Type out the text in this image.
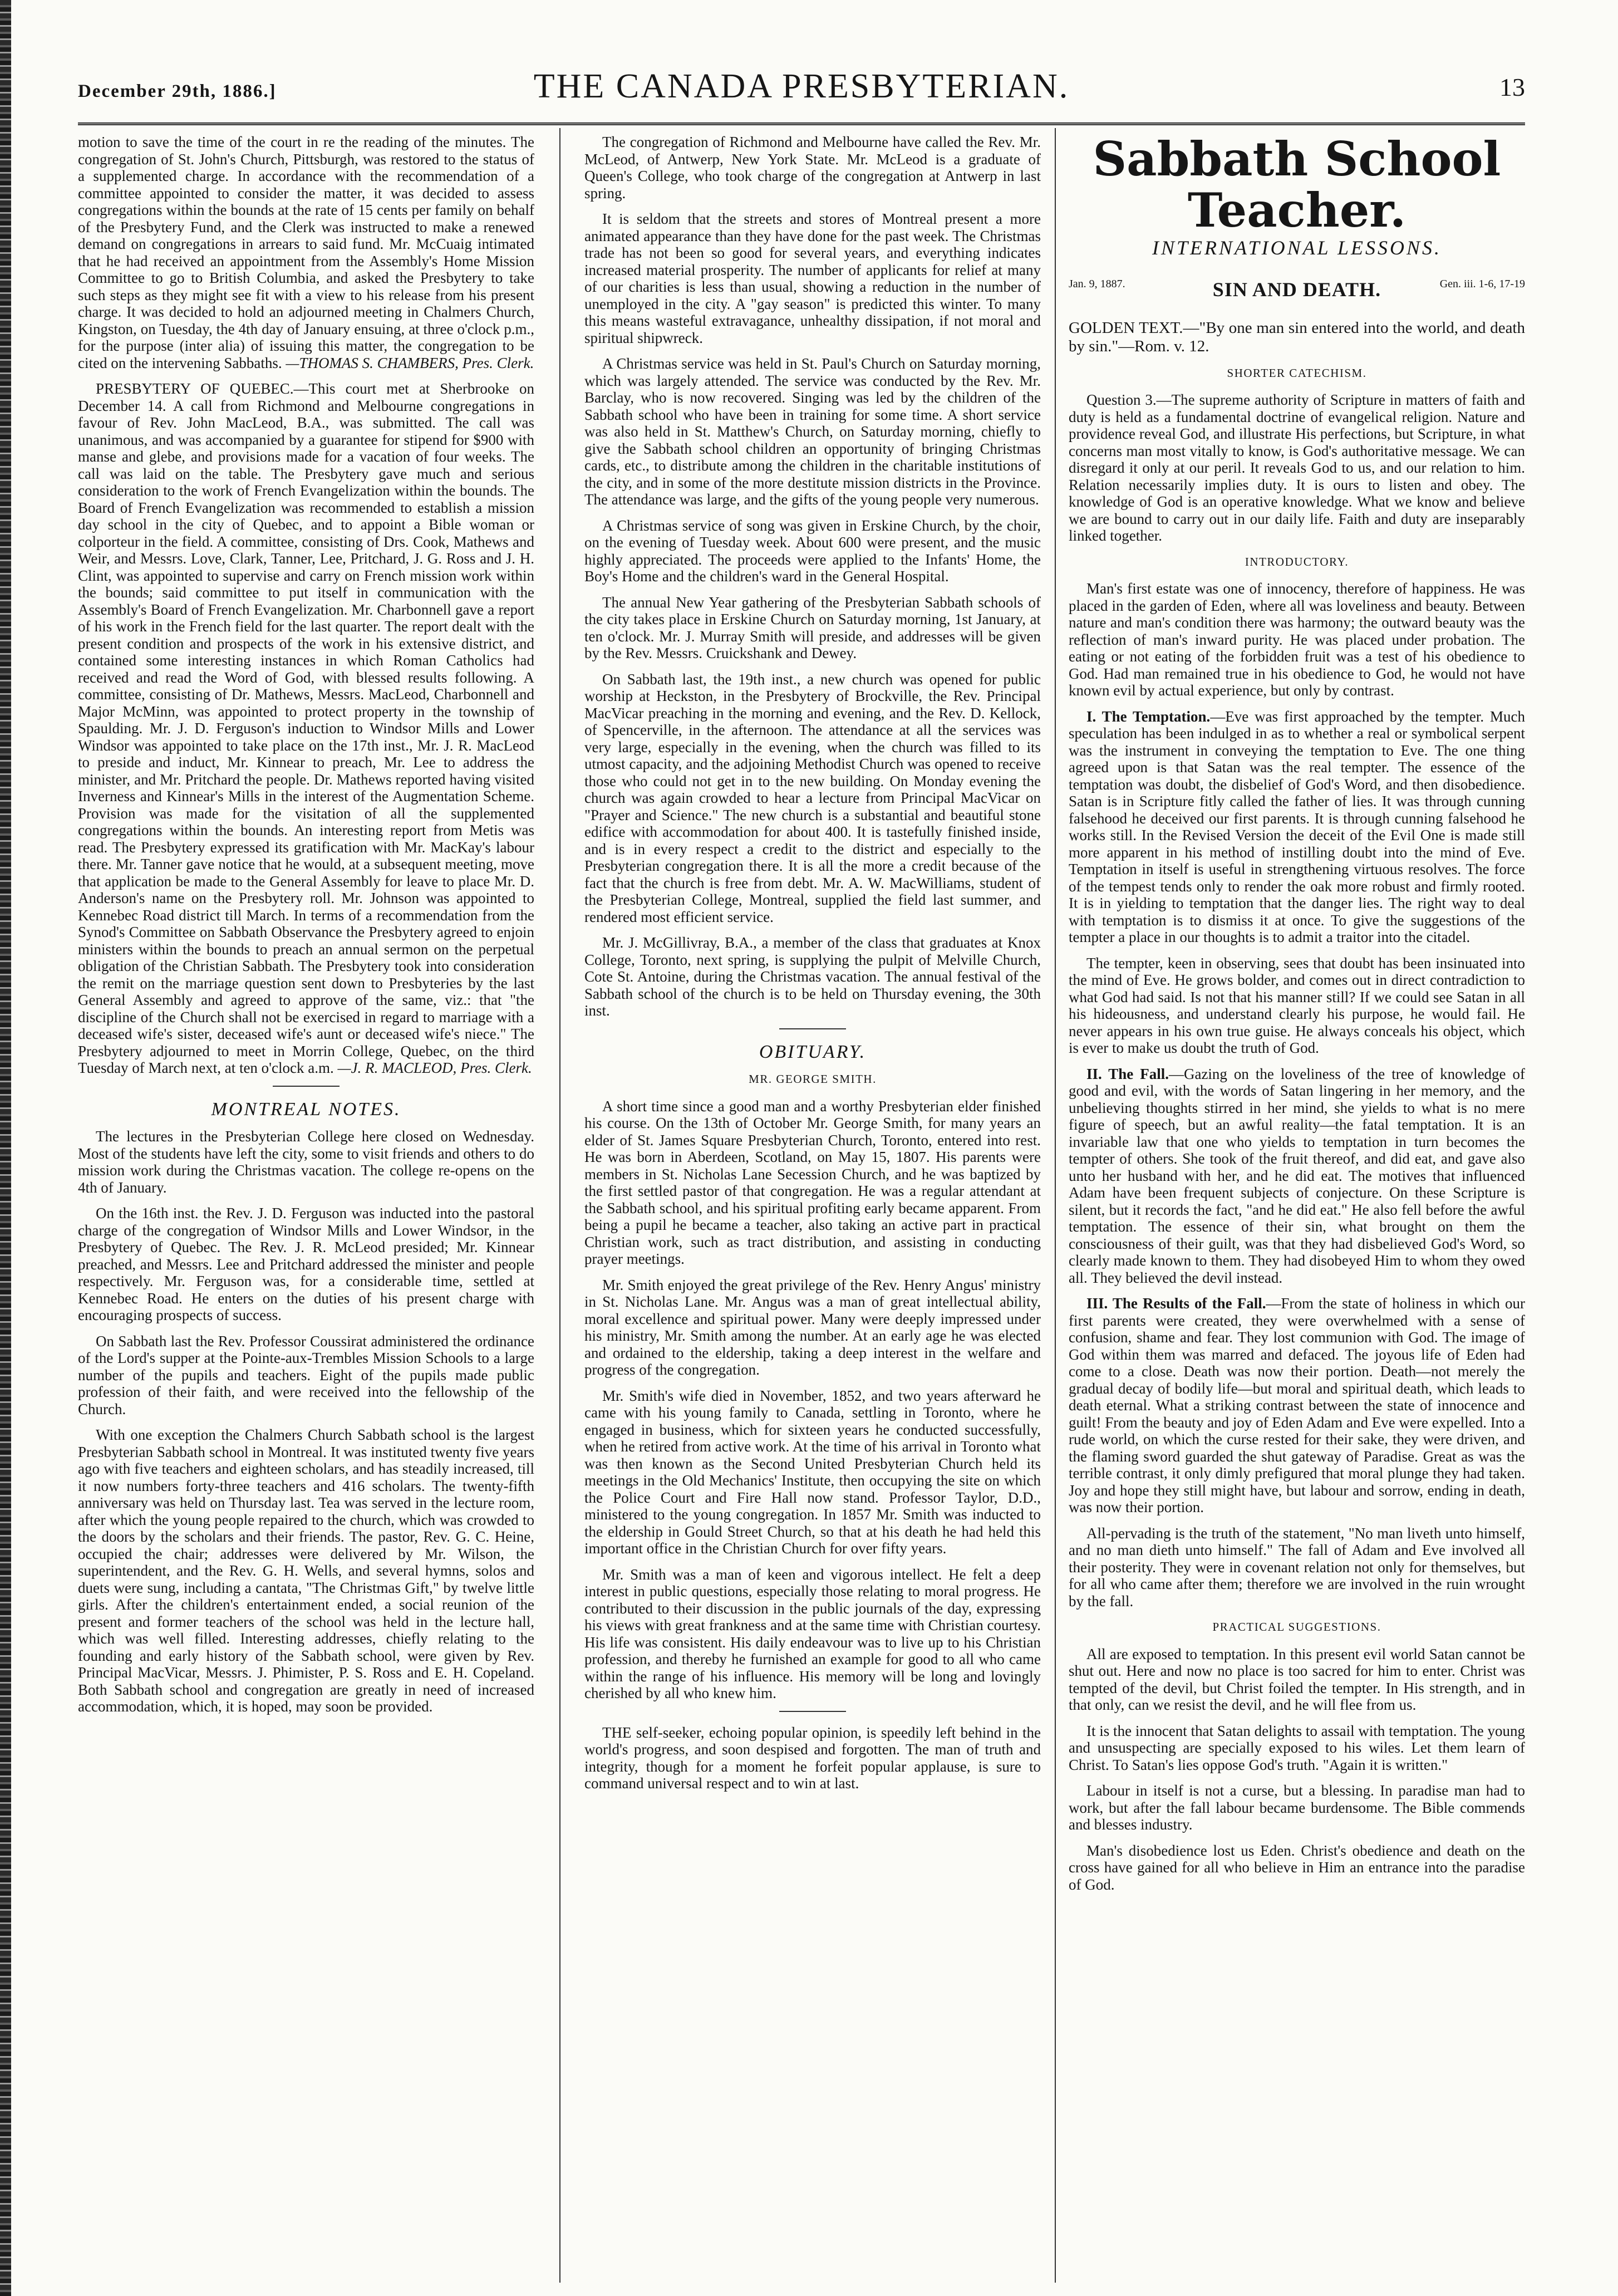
December 29th, 1886.]	THE CANADA PRESBYTERIAN.	13

motion to save the time of the court in re the reading of the minutes. The congregation of St. John's Church, Pittsburgh, was restored to the status of a supplemented charge. In accordance with the recommendation of a committee appointed to consider the matter, it was decided to assess congregations within the bounds at the rate of 15 cents per family on behalf of the Presbytery Fund, and the Clerk was instructed to make a renewed demand on congregations in arrears to said fund. Mr. McCuaig intimated that he had received an appointment from the Assembly's Home Mission Committee to go to British Columbia, and asked the Presbytery to take such steps as they might see fit with a view to his release from his present charge. It was decided to hold an adjourned meeting in Chalmers Church, Kingston, on Tuesday, the 4th day of January ensuing, at three o'clock p.m., for the purpose (inter alia) of issuing this matter, the congregation to be cited on the intervening Sabbaths. —THOMAS S. CHAMBERS, Pres. Clerk.

PRESBYTERY OF QUEBEC.—This court met at Sherbrooke on December 14. A call from Richmond and Melbourne congregations in favour of Rev. John MacLeod, B.A., was submitted. The call was unanimous, and was accompanied by a guarantee for stipend for $900 with manse and glebe, and provisions made for a vacation of four weeks. The call was laid on the table. The Presbytery gave much and serious consideration to the work of French Evangelization within the bounds. The Board of French Evangelization was recommended to establish a mission day school in the city of Quebec, and to appoint a Bible woman or colporteur in the field. A committee, consisting of Drs. Cook, Mathews and Weir, and Messrs. Love, Clark, Tanner, Lee, Pritchard, J. G. Ross and J. H. Clint, was appointed to supervise and carry on French mission work within the bounds; said committee to put itself in communication with the Assembly's Board of French Evangelization. Mr. Charbonnell gave a report of his work in the French field for the last quarter. The report dealt with the present condition and prospects of the work in his extensive district, and contained some interesting instances in which Roman Catholics had received and read the Word of God, with blessed results following. A committee, consisting of Dr. Mathews, Messrs. MacLeod, Charbonnell and Major McMinn, was appointed to protect property in the township of Spaulding. Mr. J. D. Ferguson's induction to Windsor Mills and Lower Windsor was appointed to take place on the 17th inst., Mr. J. R. MacLeod to preside and induct, Mr. Kinnear to preach, Mr. Lee to address the minister, and Mr. Pritchard the people. Dr. Mathews reported having visited Inverness and Kinnear's Mills in the interest of the Augmentation Scheme. Provision was made for the visitation of all the supplemented congregations within the bounds. An interesting report from Metis was read. The Presbytery expressed its gratification with Mr. MacKay's labour there. Mr. Tanner gave notice that he would, at a subsequent meeting, move that application be made to the General Assembly for leave to place Mr. D. Anderson's name on the Presbytery roll. Mr. Johnson was appointed to Kennebec Road district till March. In terms of a recommendation from the Synod's Committee on Sabbath Observance the Presbytery agreed to enjoin ministers within the bounds to preach an annual sermon on the perpetual obligation of the Christian Sabbath. The Presbytery took into consideration the remit on the marriage question sent down to Presbyteries by the last General Assembly and agreed to approve of the same, viz.: that "the discipline of the Church shall not be exercised in regard to marriage with a deceased wife's sister, deceased wife's aunt or deceased wife's niece." The Presbytery adjourned to meet in Morrin College, Quebec, on the third Tuesday of March next, at ten o'clock a.m. —J. R. MACLEOD, Pres. Clerk.

MONTREAL NOTES.

The lectures in the Presbyterian College here closed on Wednesday. Most of the students have left the city, some to visit friends and others to do mission work during the Christmas vacation. The college re-opens on the 4th of January.

On the 16th inst. the Rev. J. D. Ferguson was inducted into the pastoral charge of the congregation of Windsor Mills and Lower Windsor, in the Presbytery of Quebec. The Rev. J. R. McLeod presided; Mr. Kinnear preached, and Messrs. Lee and Pritchard addressed the minister and people respectively. Mr. Ferguson was, for a considerable time, settled at Kennebec Road. He enters on the duties of his present charge with encouraging prospects of success.

On Sabbath last the Rev. Professor Coussirat administered the ordinance of the Lord's supper at the Pointe-aux-Trembles Mission Schools to a large number of the pupils and teachers. Eight of the pupils made public profession of their faith, and were received into the fellowship of the Church.

With one exception the Chalmers Church Sabbath school is the largest Presbyterian Sabbath school in Montreal. It was instituted twenty five years ago with five teachers and eighteen scholars, and has steadily increased, till it now numbers forty-three teachers and 416 scholars. The twenty-fifth anniversary was held on Thursday last. Tea was served in the lecture room, after which the young people repaired to the church, which was crowded to the doors by the scholars and their friends. The pastor, Rev. G. C. Heine, occupied the chair; addresses were delivered by Mr. Wilson, the superintendent, and the Rev. G. H. Wells, and several hymns, solos and duets were sung, including a cantata, "The Christmas Gift," by twelve little girls. After the children's entertainment ended, a social reunion of the present and former teachers of the school was held in the lecture hall, which was well filled. Interesting addresses, chiefly relating to the founding and early history of the Sabbath school, were given by Rev. Principal MacVicar, Messrs. J. Phimister, P. S. Ross and E. H. Copeland. Both Sabbath school and congregation are greatly in need of increased accommodation, which, it is hoped, may soon be provided.

The congregation of Richmond and Melbourne have called the Rev. Mr. McLeod, of Antwerp, New York State. Mr. McLeod is a graduate of Queen's College, who took charge of the congregation at Antwerp in last spring.

It is seldom that the streets and stores of Montreal present a more animated appearance than they have done for the past week. The Christmas trade has not been so good for several years, and everything indicates increased material prosperity. The number of applicants for relief at many of our charities is less than usual, showing a reduction in the number of unemployed in the city. A "gay season" is predicted this winter. To many this means wasteful extravagance, unhealthy dissipation, if not moral and spiritual shipwreck.

A Christmas service was held in St. Paul's Church on Saturday morning, which was largely attended. The service was conducted by the Rev. Mr. Barclay, who is now recovered. Singing was led by the children of the Sabbath school who have been in training for some time. A short service was also held in St. Matthew's Church, on Saturday morning, chiefly to give the Sabbath school children an opportunity of bringing Christmas cards, etc., to distribute among the children in the charitable institutions of the city, and in some of the more destitute mission districts in the Province. The attendance was large, and the gifts of the young people very numerous.

A Christmas service of song was given in Erskine Church, by the choir, on the evening of Tuesday week. About 600 were present, and the music highly appreciated. The proceeds were applied to the Infants' Home, the Boy's Home and the children's ward in the General Hospital.

The annual New Year gathering of the Presbyterian Sabbath schools of the city takes place in Erskine Church on Saturday morning, 1st January, at ten o'clock. Mr. J. Murray Smith will preside, and addresses will be given by the Rev. Messrs. Cruickshank and Dewey.

On Sabbath last, the 19th inst., a new church was opened for public worship at Heckston, in the Presbytery of Brockville, the Rev. Principal MacVicar preaching in the morning and evening, and the Rev. D. Kellock, of Spencerville, in the afternoon. The attendance at all the services was very large, especially in the evening, when the church was filled to its utmost capacity, and the adjoining Methodist Church was opened to receive those who could not get in to the new building. On Monday evening the church was again crowded to hear a lecture from Principal MacVicar on "Prayer and Science." The new church is a substantial and beautiful stone edifice with accommodation for about 400. It is tastefully finished inside, and is in every respect a credit to the district and especially to the Presbyterian congregation there. It is all the more a credit because of the fact that the church is free from debt. Mr. A. W. MacWilliams, student of the Presbyterian College, Montreal, supplied the field last summer, and rendered most efficient service.

Mr. J. McGillivray, B.A., a member of the class that graduates at Knox College, Toronto, next spring, is supplying the pulpit of Melville Church, Cote St. Antoine, during the Christmas vacation. The annual festival of the Sabbath school of the church is to be held on Thursday evening, the 30th inst.

OBITUARY.
MR. GEORGE SMITH.

A short time since a good man and a worthy Presbyterian elder finished his course. On the 13th of October Mr. George Smith, for many years an elder of St. James Square Presbyterian Church, Toronto, entered into rest. He was born in Aberdeen, Scotland, on May 15, 1807. His parents were members in St. Nicholas Lane Secession Church, and he was baptized by the first settled pastor of that congregation. He was a regular attendant at the Sabbath school, and his spiritual profiting early became apparent. From being a pupil he became a teacher, also taking an active part in practical Christian work, such as tract distribution, and assisting in conducting prayer meetings.

Mr. Smith enjoyed the great privilege of the Rev. Henry Angus' ministry in St. Nicholas Lane. Mr. Angus was a man of great intellectual ability, moral excellence and spiritual power. Many were deeply impressed under his ministry, Mr. Smith among the number. At an early age he was elected and ordained to the eldership, taking a deep interest in the welfare and progress of the congregation.

Mr. Smith's wife died in November, 1852, and two years afterward he came with his young family to Canada, settling in Toronto, where he engaged in business, which for sixteen years he conducted successfully, when he retired from active work. At the time of his arrival in Toronto what was then known as the Second United Presbyterian Church held its meetings in the Old Mechanics' Institute, then occupying the site on which the Police Court and Fire Hall now stand. Professor Taylor, D.D., ministered to the young congregation. In 1857 Mr. Smith was inducted to the eldership in Gould Street Church, so that at his death he had held this important office in the Christian Church for over fifty years.

Mr. Smith was a man of keen and vigorous intellect. He felt a deep interest in public questions, especially those relating to moral progress. He contributed to their discussion in the public journals of the day, expressing his views with great frankness and at the same time with Christian courtesy. His life was consistent. His daily endeavour was to live up to his Christian profession, and thereby he furnished an example for good to all who came within the range of his influence. His memory will be long and lovingly cherished by all who knew him.

THE self-seeker, echoing popular opinion, is speedily left behind in the world's progress, and soon despised and forgotten. The man of truth and integrity, though for a moment he forfeit popular applause, is sure to command universal respect and to win at last.

Sabbath School Teacher.
INTERNATIONAL LESSONS.
Jan. 9, 1887.	SIN AND DEATH.	Gen. iii. 1-6, 17-19

GOLDEN TEXT.—"By one man sin entered into the world, and death by sin."—Rom. v. 12.

SHORTER CATECHISM.

Question 3.—The supreme authority of Scripture in matters of faith and duty is held as a fundamental doctrine of evangelical religion. Nature and providence reveal God, and illustrate His perfections, but Scripture, in what concerns man most vitally to know, is God's authoritative message. We can disregard it only at our peril. It reveals God to us, and our relation to him. Relation necessarily implies duty. It is ours to listen and obey. The knowledge of God is an operative knowledge. What we know and believe we are bound to carry out in our daily life. Faith and duty are inseparably linked together.

INTRODUCTORY.

Man's first estate was one of innocency, therefore of happiness. He was placed in the garden of Eden, where all was loveliness and beauty. Between nature and man's condition there was harmony; the outward beauty was the reflection of man's inward purity. He was placed under probation. The eating or not eating of the forbidden fruit was a test of his obedience to God. Had man remained true in his obedience to God, he would not have known evil by actual experience, but only by contrast.

I. The Temptation.—Eve was first approached by the tempter. Much speculation has been indulged in as to whether a real or symbolical serpent was the instrument in conveying the temptation to Eve. The one thing agreed upon is that Satan was the real tempter. The essence of the temptation was doubt, the disbelief of God's Word, and then disobedience. Satan is in Scripture fitly called the father of lies. It was through cunning falsehood he deceived our first parents. It is through cunning falsehood he works still. In the Revised Version the deceit of the Evil One is made still more apparent in his method of instilling doubt into the mind of Eve. Temptation in itself is useful in strengthening virtuous resolves. The force of the tempest tends only to render the oak more robust and firmly rooted. It is in yielding to temptation that the danger lies. The right way to deal with temptation is to dismiss it at once. To give the suggestions of the tempter a place in our thoughts is to admit a traitor into the citadel.

The tempter, keen in observing, sees that doubt has been insinuated into the mind of Eve. He grows bolder, and comes out in direct contradiction to what God had said. Is not that his manner still? If we could see Satan in all his hideousness, and understand clearly his purpose, he would fail. He never appears in his own true guise. He always conceals his object, which is ever to make us doubt the truth of God.

II. The Fall.—Gazing on the loveliness of the tree of knowledge of good and evil, with the words of Satan lingering in her memory, and the unbelieving thoughts stirred in her mind, she yields to what is no mere figure of speech, but an awful reality—the fatal temptation. It is an invariable law that one who yields to temptation in turn becomes the tempter of others. She took of the fruit thereof, and did eat, and gave also unto her husband with her, and he did eat. The motives that influenced Adam have been frequent subjects of conjecture. On these Scripture is silent, but it records the fact, "and he did eat." He also fell before the awful temptation. The essence of their sin, what brought on them the consciousness of their guilt, was that they had disbelieved God's Word, so clearly made known to them. They had disobeyed Him to whom they owed all. They believed the devil instead.

III. The Results of the Fall.—From the state of holiness in which our first parents were created, they were overwhelmed with a sense of confusion, shame and fear. They lost communion with God. The image of God within them was marred and defaced. The joyous life of Eden had come to a close. Death was now their portion. Death—not merely the gradual decay of bodily life—but moral and spiritual death, which leads to death eternal. What a striking contrast between the state of innocence and guilt! From the beauty and joy of Eden Adam and Eve were expelled. Into a rude world, on which the curse rested for their sake, they were driven, and the flaming sword guarded the shut gateway of Paradise. Great as was the terrible contrast, it only dimly prefigured that moral plunge they had taken. Joy and hope they still might have, but labour and sorrow, ending in death, was now their portion.

All-pervading is the truth of the statement, "No man liveth unto himself, and no man dieth unto himself." The fall of Adam and Eve involved all their posterity. They were in covenant relation not only for themselves, but for all who came after them; therefore we are involved in the ruin wrought by the fall.

PRACTICAL SUGGESTIONS.

All are exposed to temptation. In this present evil world Satan cannot be shut out. Here and now no place is too sacred for him to enter. Christ was tempted of the devil, but Christ foiled the tempter. In His strength, and in that only, can we resist the devil, and he will flee from us.

It is the innocent that Satan delights to assail with temptation. The young and unsuspecting are specially exposed to his wiles. Let them learn of Christ. To Satan's lies oppose God's truth. "Again it is written."

Labour in itself is not a curse, but a blessing. In paradise man had to work, but after the fall labour became burdensome. The Bible commends and blesses industry.

Man's disobedience lost us Eden. Christ's obedience and death on the cross have gained for all who believe in Him an entrance into the paradise of God.
